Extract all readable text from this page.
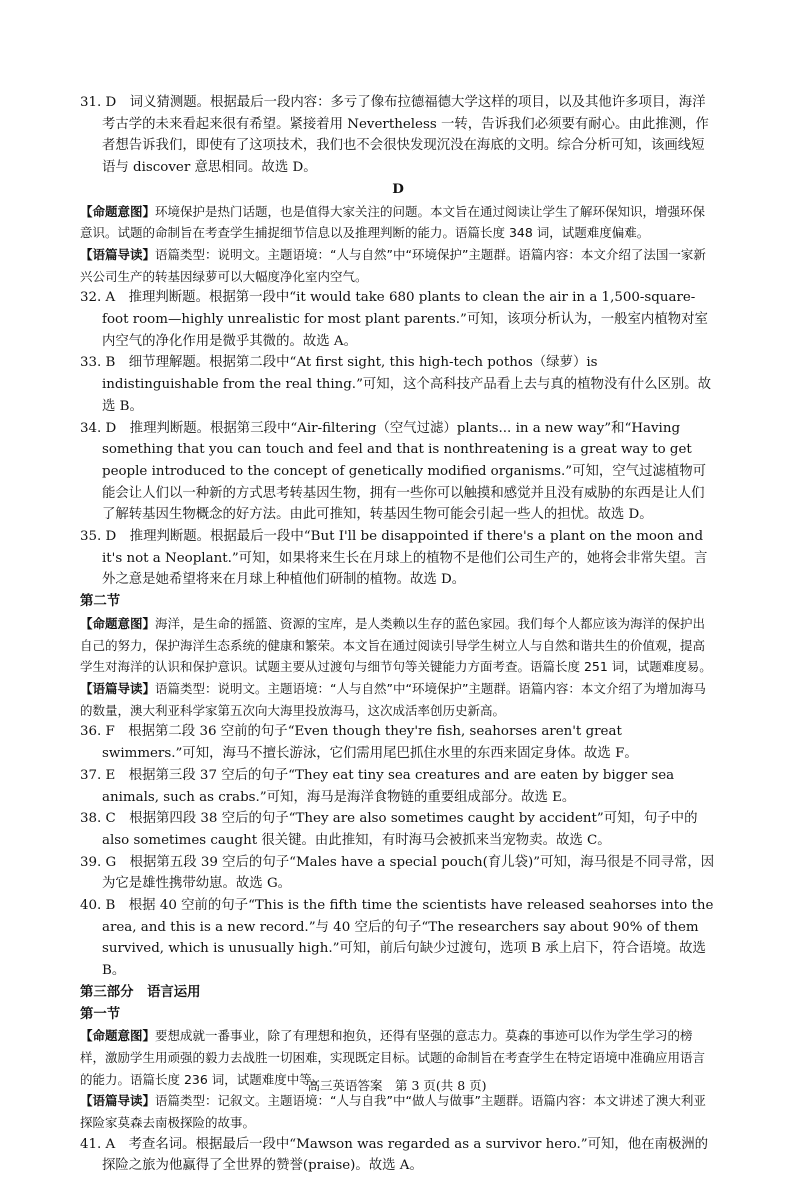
31. D　词义猜测题。根据最后一段内容：多亏了像布拉德福德大学这样的项目，以及其他许多项目，海洋考古学的未来看起来很有希望。紧接着用 Nevertheless 一转，告诉我们必须要有耐心。由此推测，作者想告诉我们，即使有了这项技术，我们也不会很快发现沉没在海底的文明。综合分析可知，该画线短语与 discover 意思相同。故选 D。

D

【命题意图】环境保护是热门话题，也是值得大家关注的问题。本文旨在通过阅读让学生了解环保知识，增强环保意识。试题的命制旨在考查学生捕捉细节信息以及推理判断的能力。语篇长度 348 词，试题难度偏难。

【语篇导读】语篇类型：说明文。主题语境：“人与自然”中“环境保护”主题群。语篇内容：本文介绍了法国一家新兴公司生产的转基因绿萝可以大幅度净化室内空气。

32. A　推理判断题。根据第一段中“it would take 680 plants to clean the air in a 1,500-square-foot room—highly unrealistic for most plant parents.”可知，该项分析认为，一般室内植物对室内空气的净化作用是微乎其微的。故选 A。

33. B　细节理解题。根据第二段中“At first sight, this high-tech pothos（绿萝）is indistinguishable from the real thing.”可知，这个高科技产品看上去与真的植物没有什么区别。故选 B。

34. D　推理判断题。根据第三段中“Air-filtering（空气过滤）plants... in a new way”和“Having something that you can touch and feel and that is nonthreatening is a great way to get people introduced to the concept of genetically modified organisms.”可知，空气过滤植物可能会让人们以一种新的方式思考转基因生物，拥有一些你可以触摸和感觉并且没有威胁的东西是让人们了解转基因生物概念的好方法。由此可推知，转基因生物可能会引起一些人的担忧。故选 D。

35. D　推理判断题。根据最后一段中“But I'll be disappointed if there's a plant on the moon and it's not a Neoplant.”可知，如果将来生长在月球上的植物不是他们公司生产的，她将会非常失望。言外之意是她希望将来在月球上种植他们研制的植物。故选 D。

第二节

【命题意图】海洋，是生命的摇篮、资源的宝库，是人类赖以生存的蓝色家园。我们每个人都应该为海洋的保护出自己的努力，保护海洋生态系统的健康和繁荣。本文旨在通过阅读引导学生树立人与自然和谐共生的价值观，提高学生对海洋的认识和保护意识。试题主要从过渡句与细节句等关键能力方面考查。语篇长度 251 词，试题难度易。

【语篇导读】语篇类型：说明文。主题语境：“人与自然”中“环境保护”主题群。语篇内容：本文介绍了为增加海马的数量，澳大利亚科学家第五次向大海里投放海马，这次成活率创历史新高。

36. F　根据第二段 36 空前的句子“Even though they're fish, seahorses aren't great swimmers.”可知，海马不擅长游泳，它们需用尾巴抓住水里的东西来固定身体。故选 F。

37. E　根据第三段 37 空后的句子“They eat tiny sea creatures and are eaten by bigger sea animals, such as crabs.”可知，海马是海洋食物链的重要组成部分。故选 E。

38. C　根据第四段 38 空后的句子“They are also sometimes caught by accident”可知，句子中的 also sometimes caught 很关键。由此推知，有时海马会被抓来当宠物卖。故选 C。

39. G　根据第五段 39 空后的句子“Males have a special pouch(育儿袋)”可知，海马很是不同寻常，因为它是雄性携带幼崽。故选 G。

40. B　根据 40 空前的句子“This is the fifth time the scientists have released seahorses into the area, and this is a new record.”与 40 空后的句子“The researchers say about 90% of them survived, which is unusually high.”可知，前后句缺少过渡句，选项 B 承上启下，符合语境。故选 B。

第三部分　语言运用

第一节

【命题意图】要想成就一番事业，除了有理想和抱负，还得有坚强的意志力。莫森的事迹可以作为学生学习的榜样，激励学生用顽强的毅力去战胜一切困难，实现既定目标。试题的命制旨在考查学生在特定语境中准确应用语言的能力。语篇长度 236 词，试题难度中等。

【语篇导读】语篇类型：记叙文。主题语境：“人与自我”中“做人与做事”主题群。语篇内容：本文讲述了澳大利亚探险家莫森去南极探险的故事。

41. A　考查名词。根据最后一段中“Mawson was regarded as a survivor hero.”可知，他在南极洲的探险之旅为他赢得了全世界的赞誉(praise)。故选 A。

高三英语答案　第 3 页(共 8 页)
